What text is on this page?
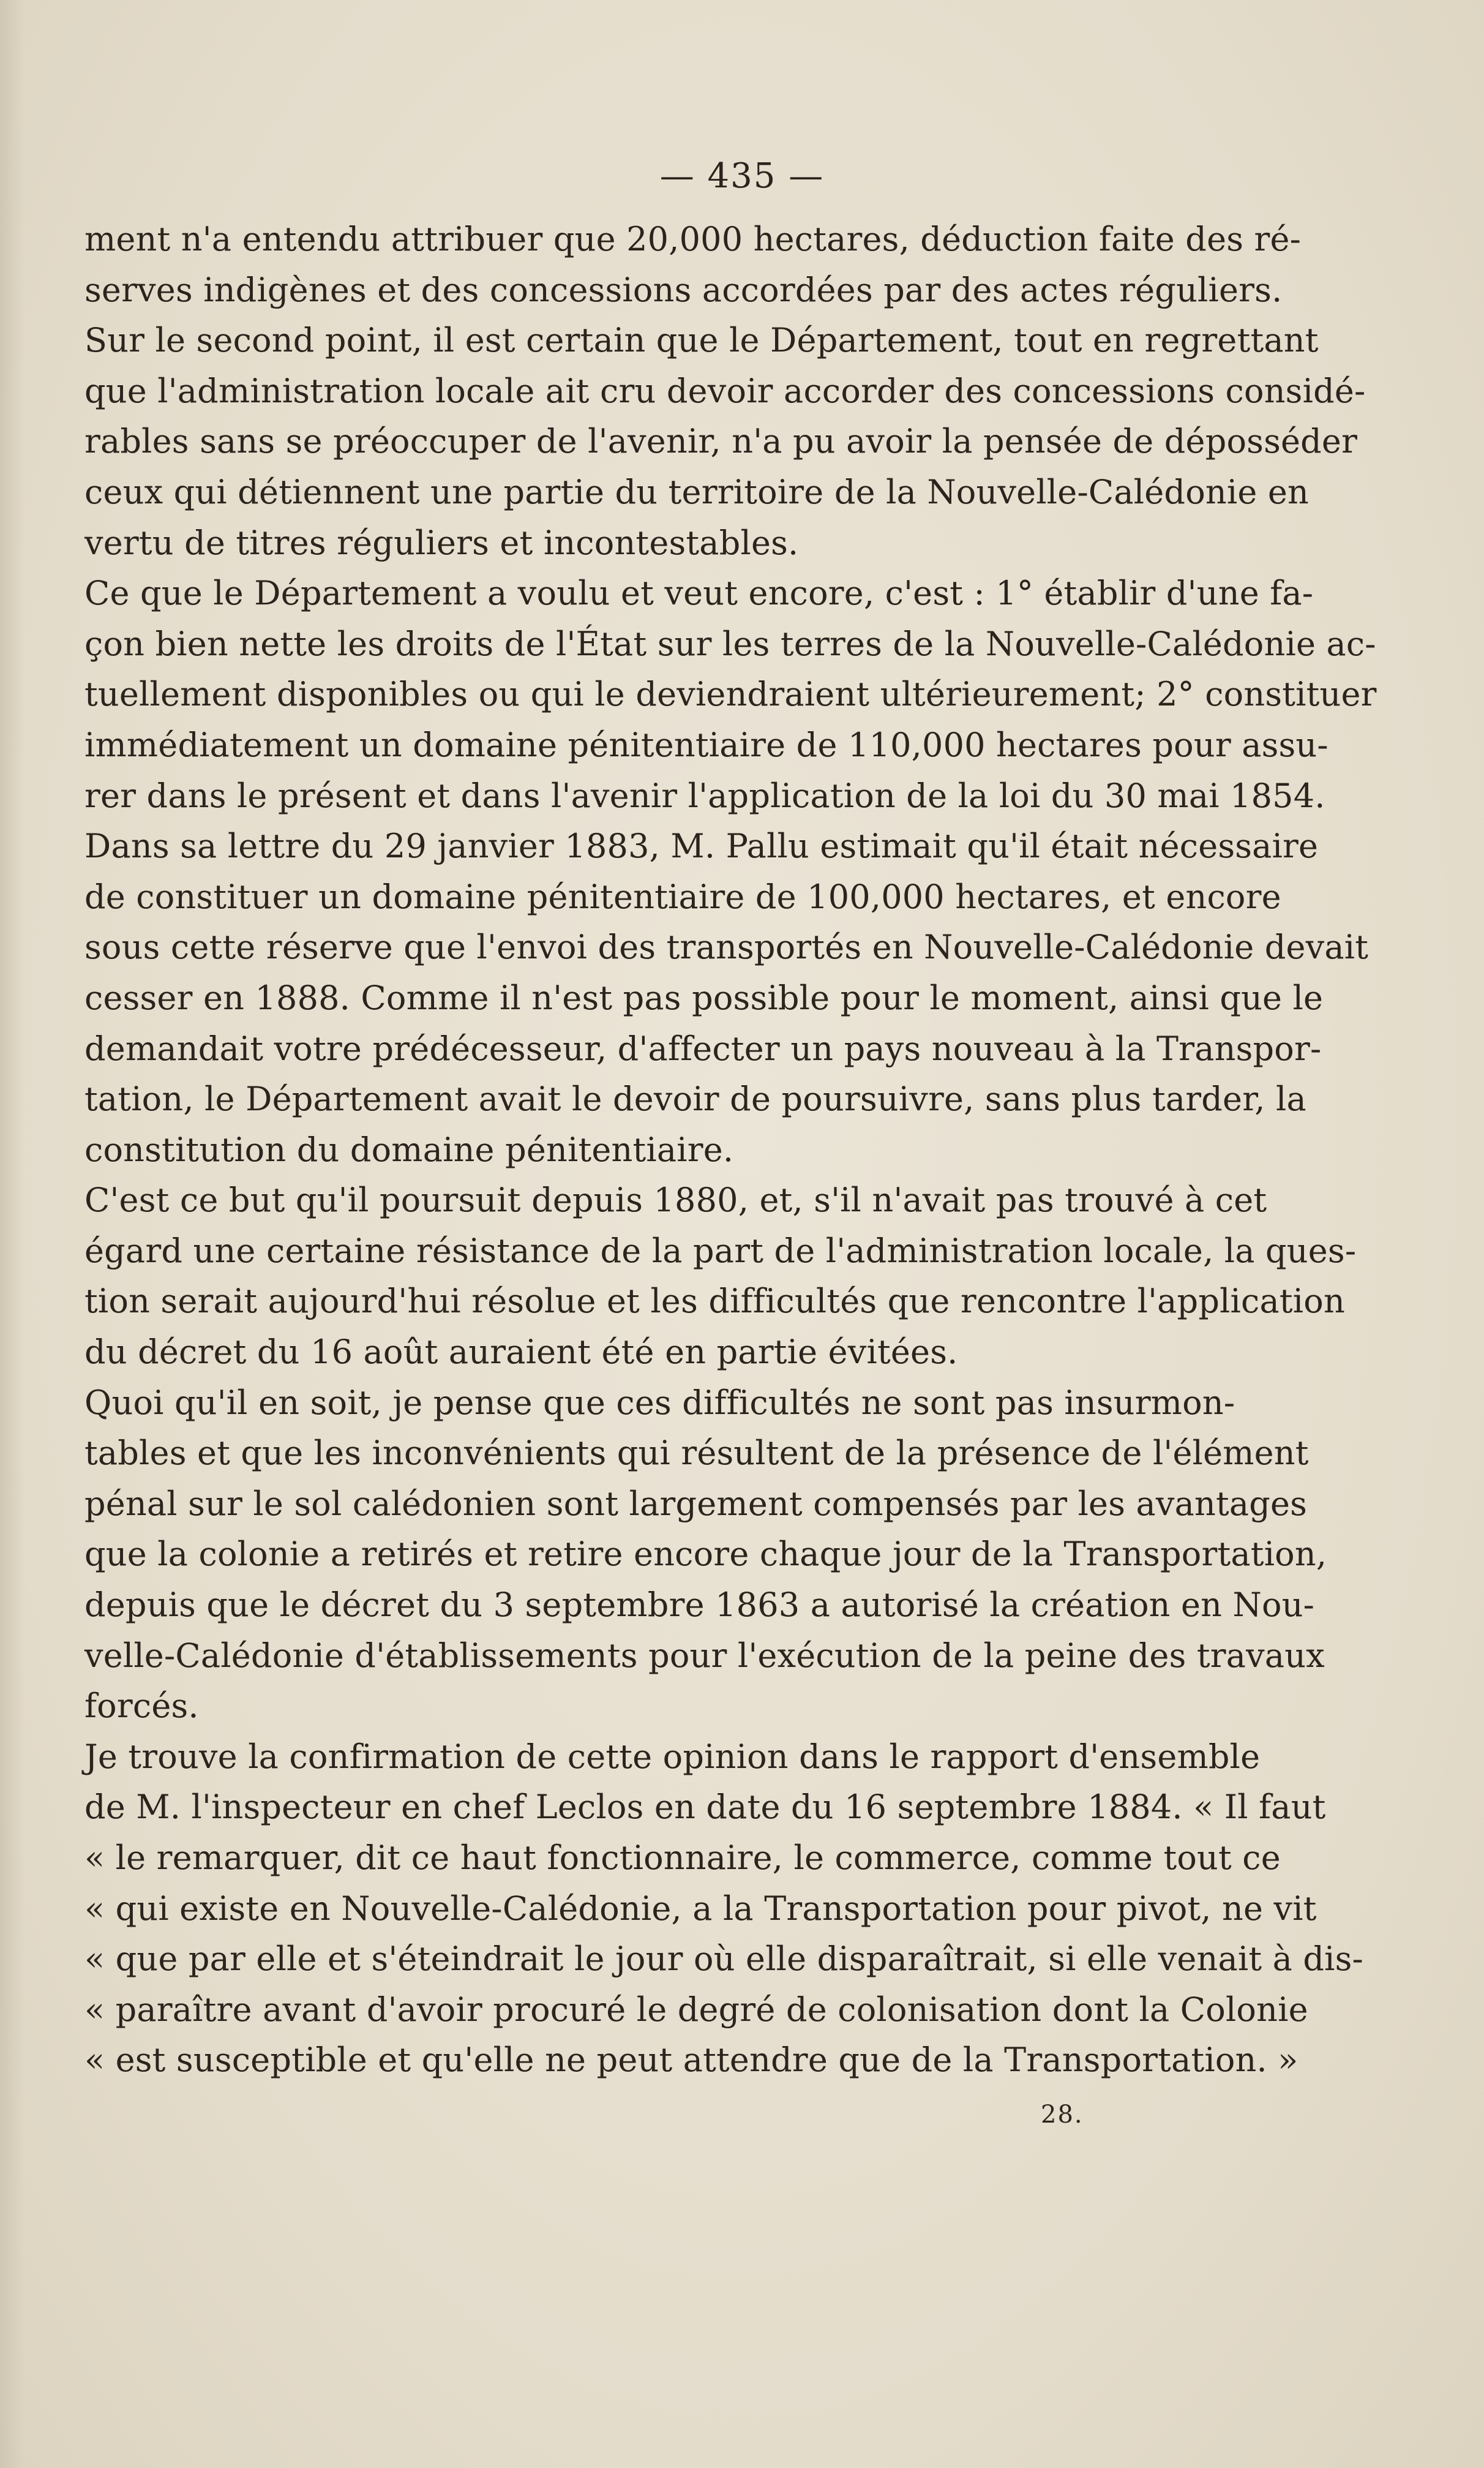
— 435 —
ment n'a entendu attribuer que 20,000 hectares, déduction faite des ré-
serves indigènes et des concessions accordées par des actes réguliers.
Sur le second point, il est certain que le Département, tout en regrettant
que l'administration locale ait cru devoir accorder des concessions considé-
rables sans se préoccuper de l'avenir, n'a pu avoir la pensée de déposséder
ceux qui détiennent une partie du territoire de la Nouvelle-Calédonie en
vertu de titres réguliers et incontestables.
Ce que le Département a voulu et veut encore, c'est : 1° établir d'une fa-
çon bien nette les droits de l'État sur les terres de la Nouvelle-Calédonie ac-
tuellement disponibles ou qui le deviendraient ultérieurement; 2° constituer
immédiatement un domaine pénitentiaire de 110,000 hectares pour assu-
rer dans le présent et dans l'avenir l'application de la loi du 30 mai 1854.
Dans sa lettre du 29 janvier 1883, M. Pallu estimait qu'il était nécessaire
de constituer un domaine pénitentiaire de 100,000 hectares, et encore
sous cette réserve que l'envoi des transportés en Nouvelle-Calédonie devait
cesser en 1888. Comme il n'est pas possible pour le moment, ainsi que le
demandait votre prédécesseur, d'affecter un pays nouveau à la Transpor-
tation, le Département avait le devoir de poursuivre, sans plus tarder, la
constitution du domaine pénitentiaire.
C'est ce but qu'il poursuit depuis 1880, et, s'il n'avait pas trouvé à cet
égard une certaine résistance de la part de l'administration locale, la ques-
tion serait aujourd'hui résolue et les difficultés que rencontre l'application
du décret du 16 août auraient été en partie évitées.
Quoi qu'il en soit, je pense que ces difficultés ne sont pas insurmon-
tables et que les inconvénients qui résultent de la présence de l'élément
pénal sur le sol calédonien sont largement compensés par les avantages
que la colonie a retirés et retire encore chaque jour de la Transportation,
depuis que le décret du 3 septembre 1863 a autorisé la création en Nou-
velle-Calédonie d'établissements pour l'exécution de la peine des travaux
forcés.
Je trouve la confirmation de cette opinion dans le rapport d'ensemble
de M. l'inspecteur en chef Leclos en date du 16 septembre 1884. « Il faut
« le remarquer, dit ce haut fonctionnaire, le commerce, comme tout ce
« qui existe en Nouvelle-Calédonie, a la Transportation pour pivot, ne vit
« que par elle et s'éteindrait le jour où elle disparaîtrait, si elle venait à dis-
« paraître avant d'avoir procuré le degré de colonisation dont la Colonie
« est susceptible et qu'elle ne peut attendre que de la Transportation. »
28.
